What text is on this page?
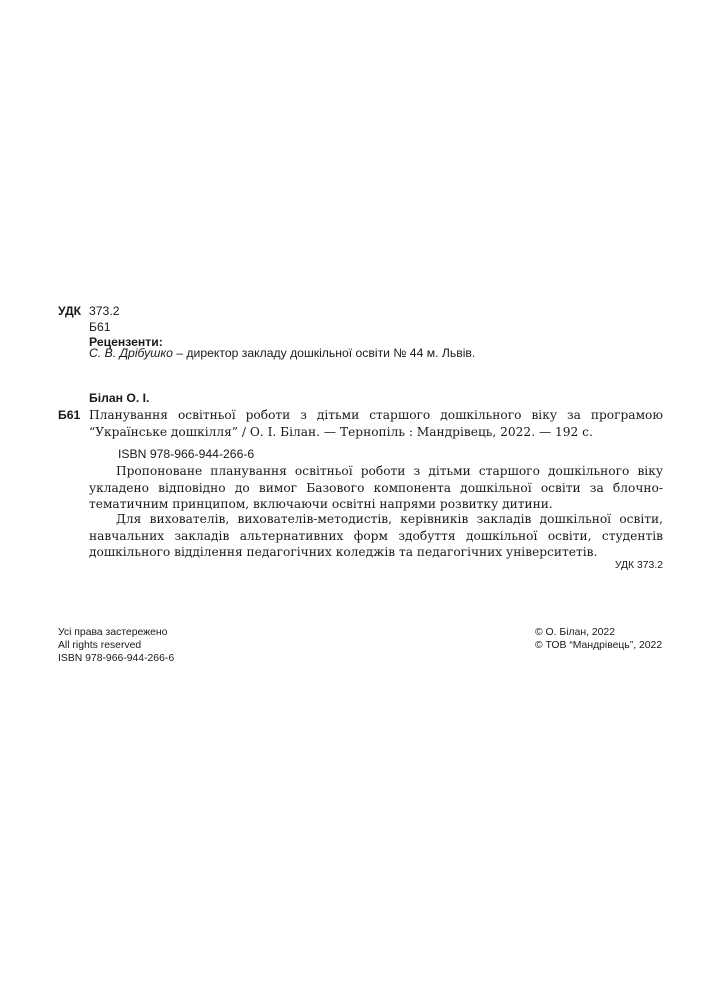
УДК 373.2
Б61
Рецензенти:
С. В. Дрібушко – директор закладу дошкільної освіти № 44 м. Львів.
Білан О. І.
Б61 Планування освітньої роботи з дітьми старшого дошкільного віку за програмою “Українське дошкілля” / О. І. Білан. — Тернопіль : Мандрівець, 2022. — 192 с.
ISBN 978-966-944-266-6
Пропоноване планування освітньої роботи з дітьми старшого дошкільного віку укладено відповідно до вимог Базового компонента дошкільної освіти за блочно-тематичним принципом, включаючи освітні напрями розвитку дитини.
Для вихователів, вихователів-методистів, керівників закладів дошкільної освіти, навчальних закладів альтернативних форм здобуття дошкільної освіти, студентів дошкільного відділення педагогічних коледжів та педагогічних університетів.
УДК 373.2
Усі права застережено
All rights reserved
ISBN 978-966-944-266-6
© О. Білан, 2022
© ТОВ “Мандрівець”, 2022
